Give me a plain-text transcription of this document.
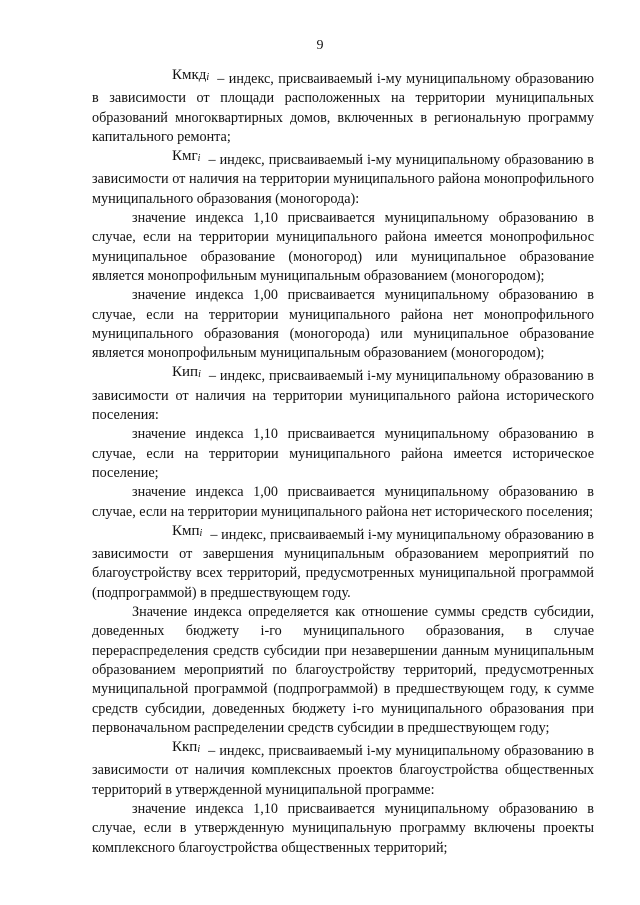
9

Кмкд$_i$ – индекс, присваиваемый i-му муниципальному образованию в зависимости от площади расположенных на территории муниципальных образований многоквартирных домов, включенных в региональную программу капитального ремонта;

Кмг$_i$ – индекс, присваиваемый i-му муниципальному образованию в зависимости от наличия на территории муниципального района монопрофильного муниципального образования (моногорода):

значение индекса 1,10 присваивается муниципальному образованию в случае, если на территории муниципального района имеется монопрофильнос муниципальное образование (моногород) или муниципальное образование является монопрофильным муниципальным образованием (моногородом);

значение индекса 1,00 присваивается муниципальному образованию в случае, если на территории муниципального района нет монопрофильного муниципального образования (моногорода) или муниципальное образование является монопрофильным муниципальным образованием (моногородом);

Кип$_i$ – индекс, присваиваемый i-му муниципальному образованию в зависимости от наличия на территории муниципального района исторического поселения:

значение индекса 1,10 присваивается муниципальному образованию в случае, если на территории муниципального района имеется историческое поселение;

значение индекса 1,00 присваивается муниципальному образованию в случае, если на территории муниципального района нет исторического поселения;

Кмп$_i$ – индекс, присваиваемый i-му муниципальному образованию в зависимости от завершения муниципальным образованием мероприятий по благоустройству всех территорий, предусмотренных муниципальной программой (подпрограммой) в предшествующем году.

Значение индекса определяется как отношение суммы средств субсидии, доведенных бюджету i-го муниципального образования, в случае перераспределения средств субсидии при незавершении данным муниципальным образованием мероприятий по благоустройству территорий, предусмотренных муниципальной программой (подпрограммой) в предшествующем году, к сумме средств субсидии, доведенных бюджету i-го муниципального образования при первоначальном распределении средств субсидии в предшествующем году;

Ккп$_i$ – индекс, присваиваемый i-му муниципальному образованию в зависимости от наличия комплексных проектов благоустройства общественных территорий в утвержденной муниципальной программе:

значение индекса 1,10 присваивается муниципальному образованию в случае, если в утвержденную муниципальную программу включены проекты комплексного благоустройства общественных территорий;
